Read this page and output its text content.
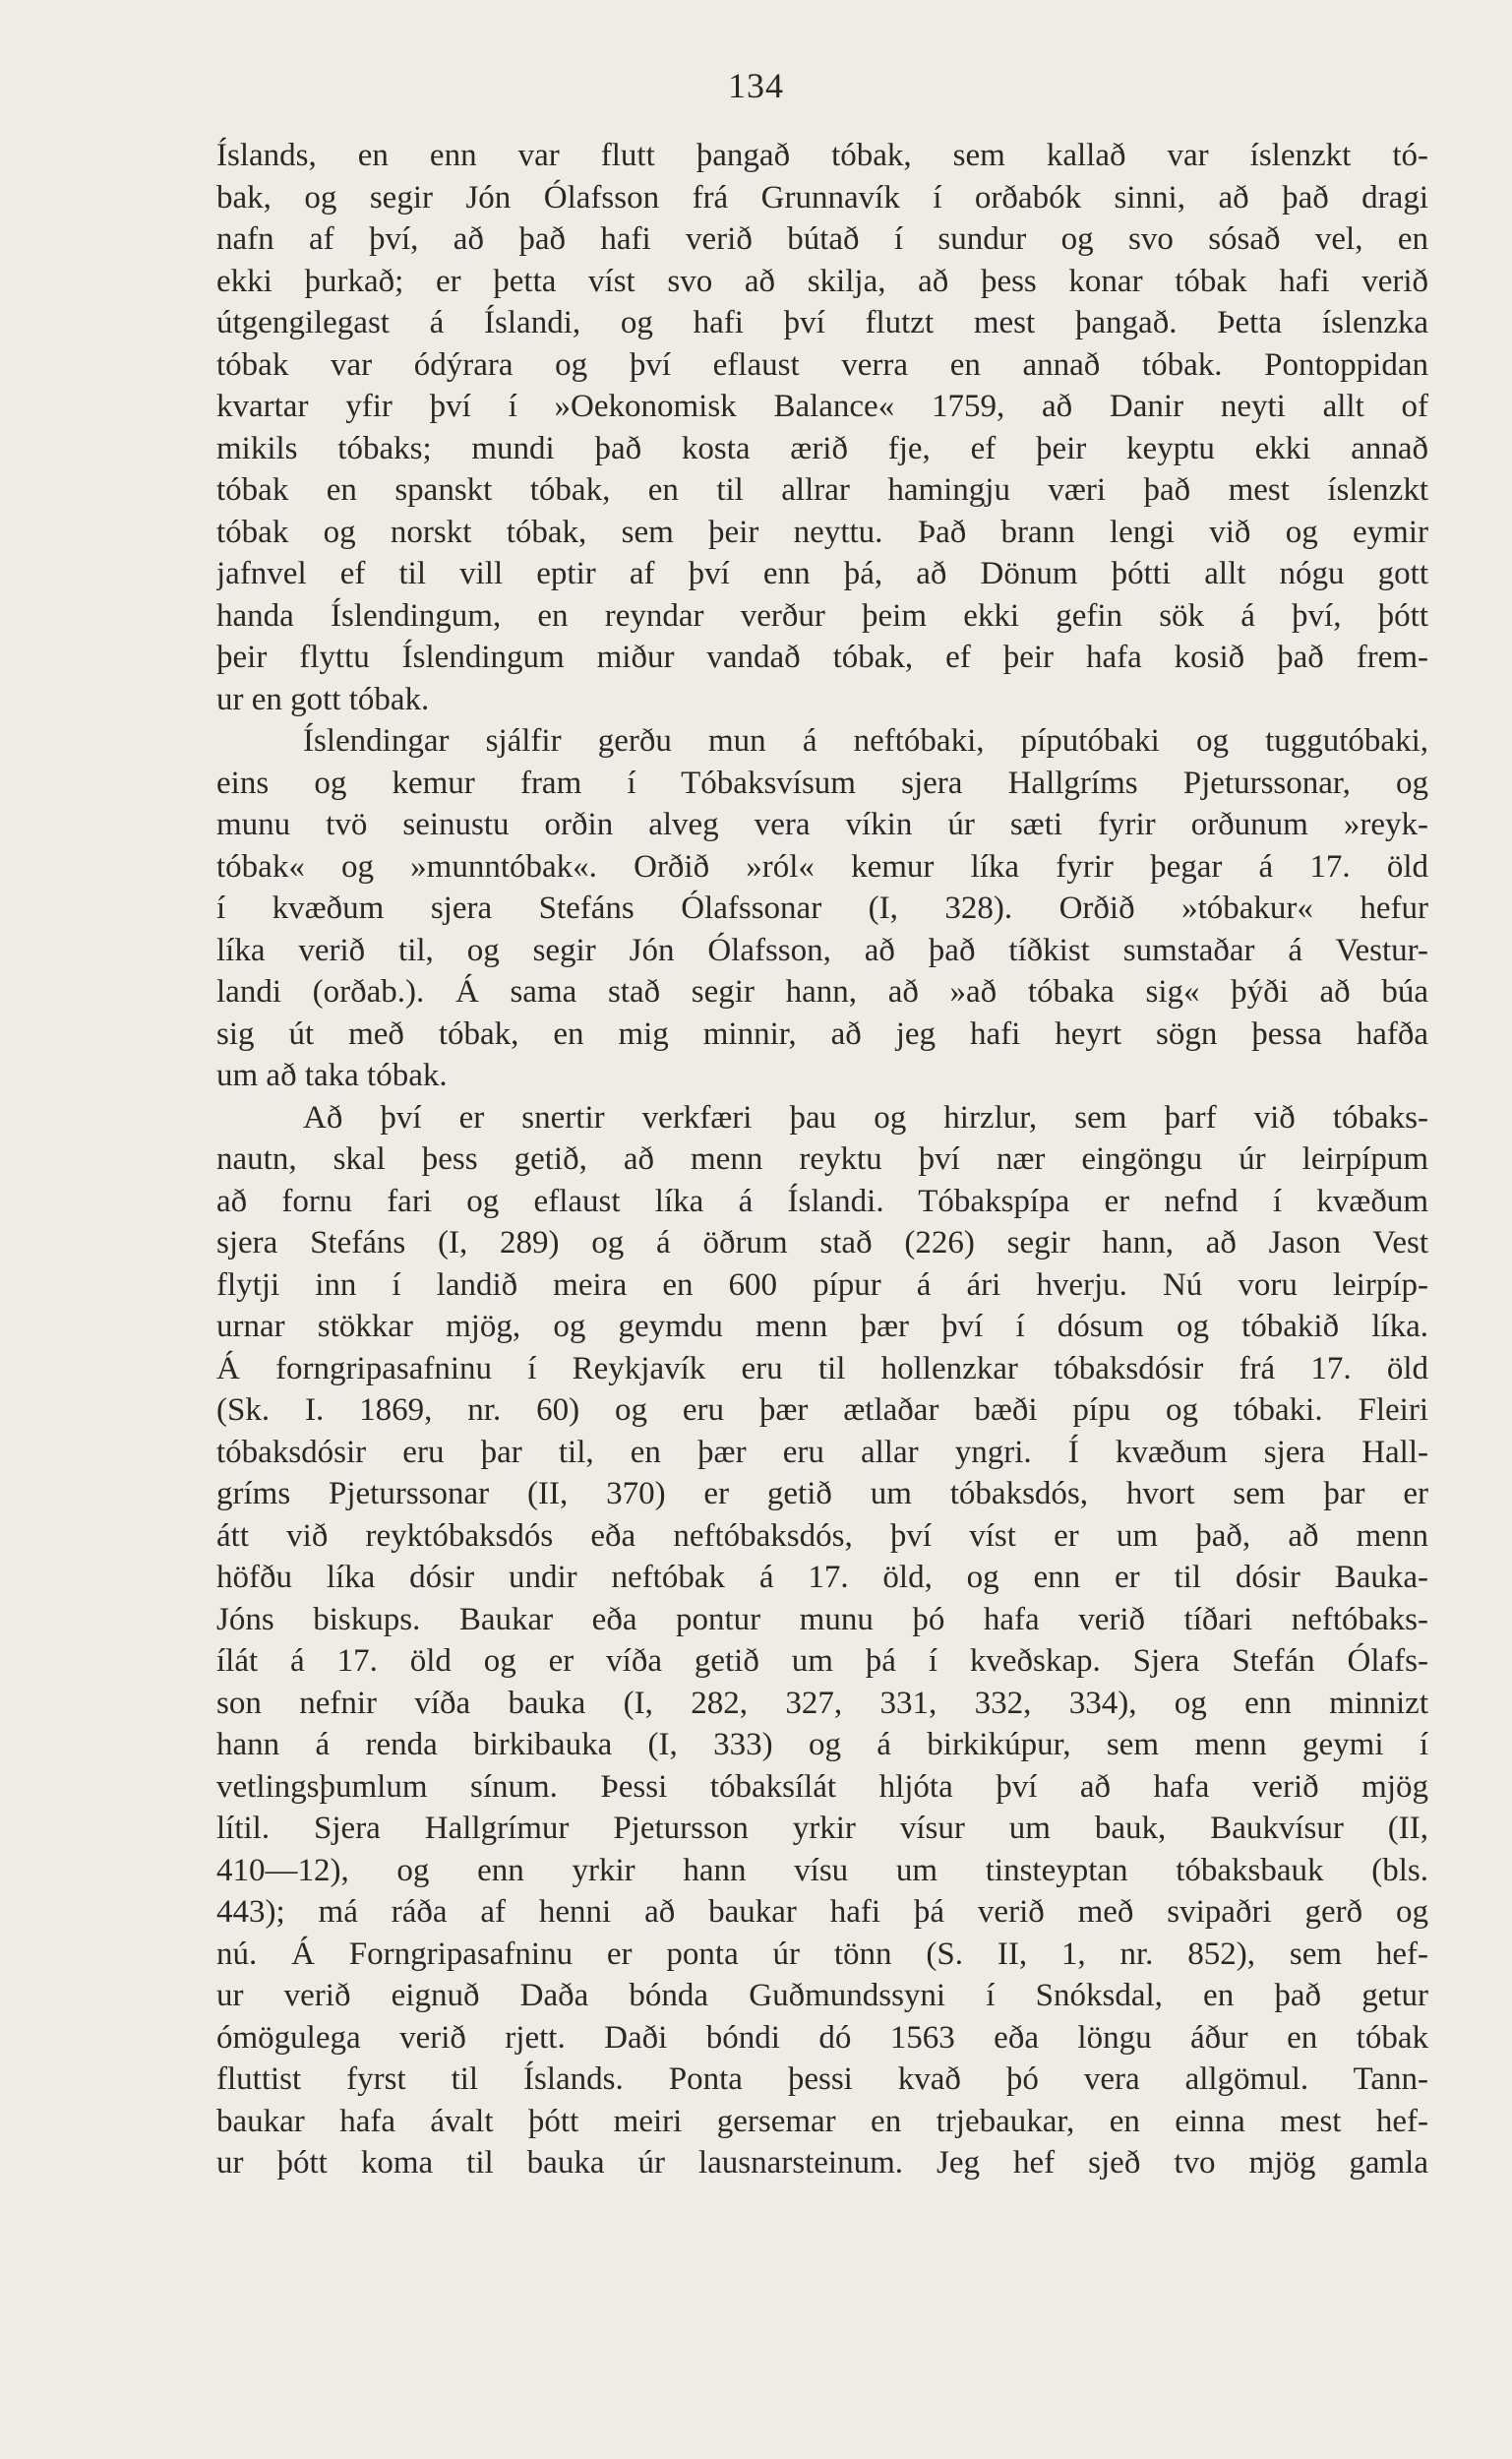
134
Íslands, en enn var flutt þangað tóbak, sem kallað var íslenzkt tó-
bak, og segir Jón Ólafsson frá Grunnavík í orðabók sinni, að það dragi
nafn af því, að það hafi verið bútað í sundur og svo sósað vel, en
ekki þurkað; er þetta víst svo að skilja, að þess konar tóbak hafi verið
útgengilegast á Íslandi, og hafi því flutzt mest þangað. Þetta íslenzka
tóbak var ódýrara og því eflaust verra en annað tóbak. Pontoppidan
kvartar yfir því í »Oekonomisk Balance« 1759, að Danir neyti allt of
mikils tóbaks; mundi það kosta ærið fje, ef þeir keyptu ekki annað
tóbak en spanskt tóbak, en til allrar hamingju væri það mest íslenzkt
tóbak og norskt tóbak, sem þeir neyttu. Það brann lengi við og eymir
jafnvel ef til vill eptir af því enn þá, að Dönum þótti allt nógu gott
handa Íslendingum, en reyndar verður þeim ekki gefin sök á því, þótt
þeir flyttu Íslendingum miður vandað tóbak, ef þeir hafa kosið það frem-
ur en gott tóbak.
Íslendingar sjálfir gerðu mun á neftóbaki, píputóbaki og tuggutóbaki,
eins og kemur fram í Tóbaksvísum sjera Hallgríms Pjeturssonar, og
munu tvö seinustu orðin alveg vera víkin úr sæti fyrir orðunum »reyk-
tóbak« og »munntóbak«. Orðið »ról« kemur líka fyrir þegar á 17. öld
í kvæðum sjera Stefáns Ólafssonar (I, 328). Orðið »tóbakur« hefur
líka verið til, og segir Jón Ólafsson, að það tíðkist sumstaðar á Vestur-
landi (orðab.). Á sama stað segir hann, að »að tóbaka sig« þýði að búa
sig út með tóbak, en mig minnir, að jeg hafi heyrt sögn þessa hafða
um að taka tóbak.
Að því er snertir verkfæri þau og hirzlur, sem þarf við tóbaks-
nautn, skal þess getið, að menn reyktu því nær eingöngu úr leirpípum
að fornu fari og eflaust líka á Íslandi. Tóbakspípa er nefnd í kvæðum
sjera Stefáns (I, 289) og á öðrum stað (226) segir hann, að Jason Vest
flytji inn í landið meira en 600 pípur á ári hverju. Nú voru leirpíp-
urnar stökkar mjög, og geymdu menn þær því í dósum og tóbakið líka.
Á forngripasafninu í Reykjavík eru til hollenzkar tóbaksdósir frá 17. öld
(Sk. I. 1869, nr. 60) og eru þær ætlaðar bæði pípu og tóbaki. Fleiri
tóbaksdósir eru þar til, en þær eru allar yngri. Í kvæðum sjera Hall-
gríms Pjeturssonar (II, 370) er getið um tóbaksdós, hvort sem þar er
átt við reyktóbaksdós eða neftóbaksdós, því víst er um það, að menn
höfðu líka dósir undir neftóbak á 17. öld, og enn er til dósir Bauka-
Jóns biskups. Baukar eða pontur munu þó hafa verið tíðari neftóbaks-
ílát á 17. öld og er víða getið um þá í kveðskap. Sjera Stefán Ólafs-
son nefnir víða bauka (I, 282, 327, 331, 332, 334), og enn minnizt
hann á renda birkibauka (I, 333) og á birkikúpur, sem menn geymi í
vetlingsþumlum sínum. Þessi tóbaksílát hljóta því að hafa verið mjög
lítil. Sjera Hallgrímur Pjetursson yrkir vísur um bauk, Baukvísur (II,
410—12), og enn yrkir hann vísu um tinsteyptan tóbaksbauk (bls.
443); má ráða af henni að baukar hafi þá verið með svipaðri gerð og
nú. Á Forngripasafninu er ponta úr tönn (S. II, 1, nr. 852), sem hef-
ur verið eignuð Daða bónda Guðmundssyni í Snóksdal, en það getur
ómögulega verið rjett. Daði bóndi dó 1563 eða löngu áður en tóbak
fluttist fyrst til Íslands. Ponta þessi kvað þó vera allgömul. Tann-
baukar hafa ávalt þótt meiri gersemar en trjebaukar, en einna mest hef-
ur þótt koma til bauka úr lausnarsteinum. Jeg hef sjeð tvo mjög gamla
